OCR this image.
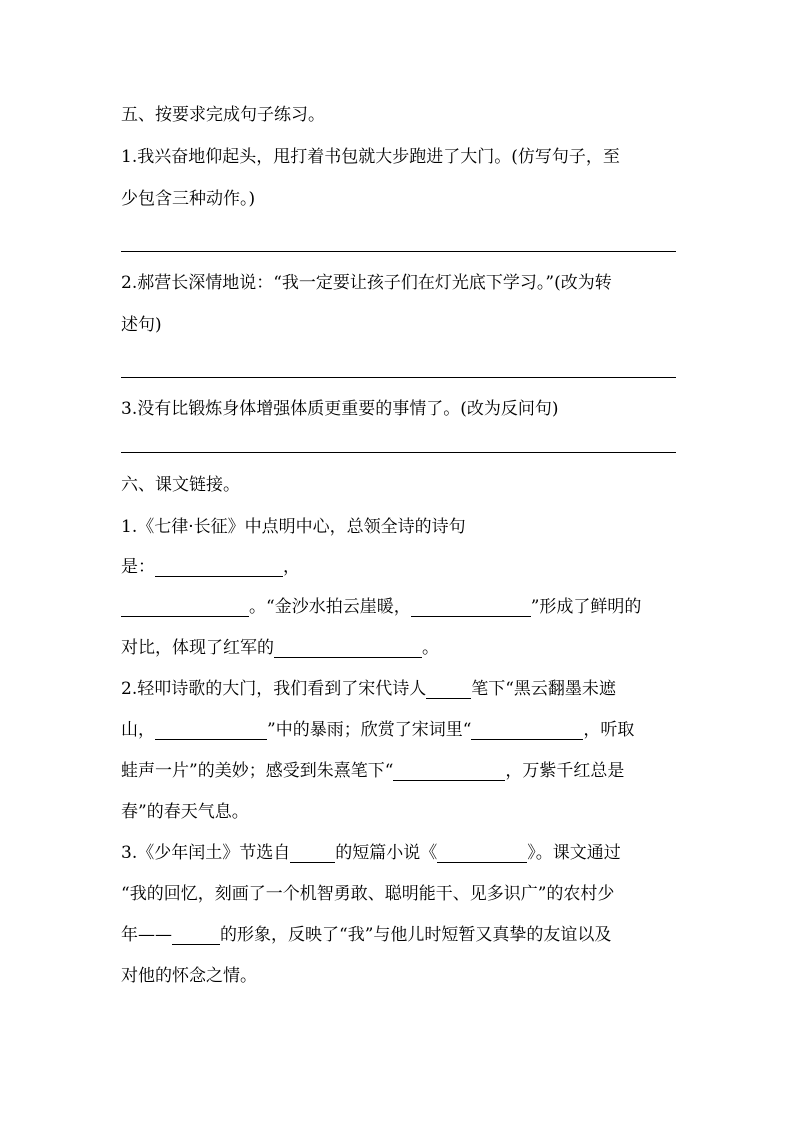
五、按要求完成句子练习。
1.我兴奋地仰起头，甩打着书包就大步跑进了大门。(仿写句子，至
少包含三种动作。)
2.郝营长深情地说：“我一定要让孩子们在灯光底下学习。”(改为转
述句)
3.没有比锻炼身体增强体质更重要的事情了。(改为反问句)
六、课文链接。
1.《七律·长征》中点明中心，总领全诗的诗句
是：	，
。“金沙水拍云崖暖，	”形成了鲜明的
对比，体现了红军的	。
2.轻叩诗歌的大门，我们看到了宋代诗人	笔下“黑云翻墨未遮
山，	”中的暴雨；欣赏了宋词里“	，听取
蛙声一片”的美妙；感受到朱熹笔下“	，万紫千红总是
春”的春天气息。
3.《少年闰土》节选自	的短篇小说《	》。课文通过
“我的回忆，刻画了一个机智勇敢、聪明能干、见多识广”的农村少
年——	的形象，反映了“我”与他儿时短暂又真挚的友谊以及
对他的怀念之情。
